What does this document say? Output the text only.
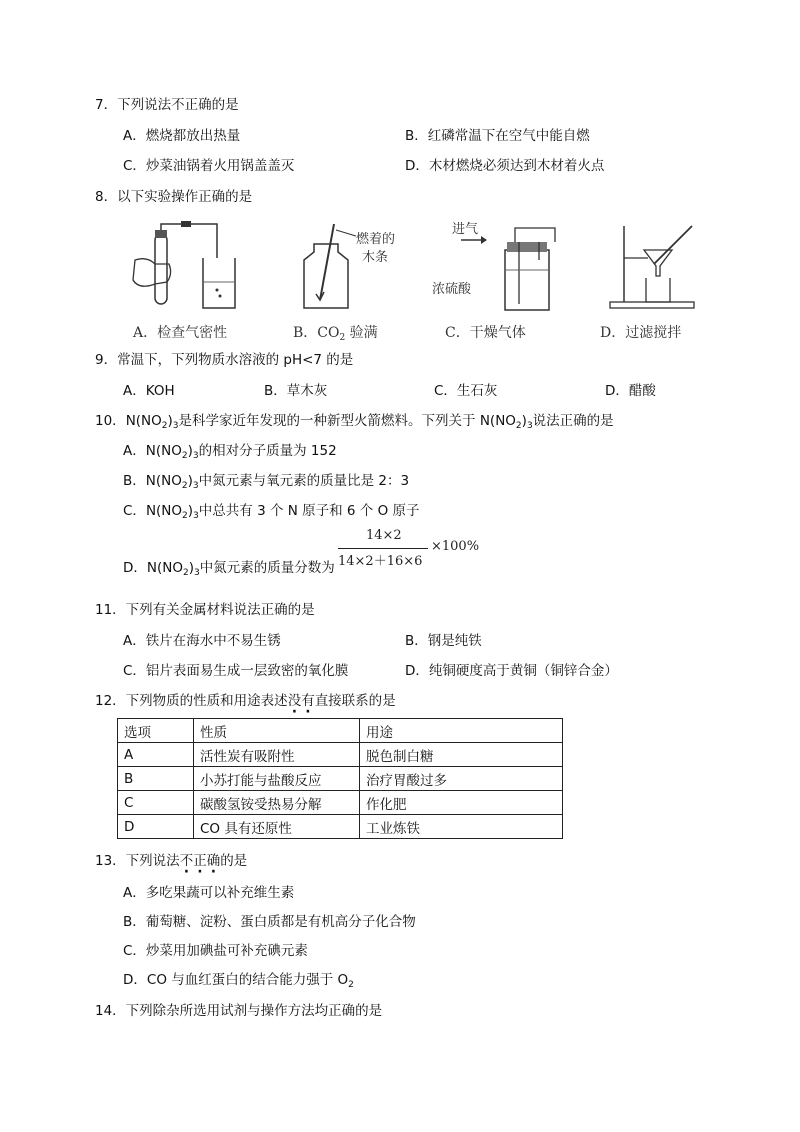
7．下列说法不正确的是
A．燃烧都放出热量	B．红磷常温下在空气中能自燃
C．炒菜油锅着火用锅盖盖灭	D．木材燃烧必须达到木材着火点
8．以下实验操作正确的是
燃着的
木条
进气
浓硫酸
A．检查气密性	B．$CO_2$ 验满	C．干燥气体	D．过滤搅拌
9．常温下，下列物质水溶液的 pH<7 的是
A．KOH	B．草木灰	C．生石灰	D．醋酸
10．$N(NO_2)_3$是科学家近年发现的一种新型火箭燃料。下列关于 $N(NO_2)_3$说法正确的是
A．$N(NO_2)_3$的相对分子质量为 152
B．$N(NO_2)_3$中氮元素与氧元素的质量比是 2：3
C．$N(NO_2)_3$中总共有 3 个 N 原子和 6 个 O 原子
D．$N(NO_2)_3$中氮元素的质量分数为
14×2
14×2＋16×6
×100%
11．下列有关金属材料说法正确的是
A．铁片在海水中不易生锈	B．钢是纯铁
C．铝片表面易生成一层致密的氧化膜	D．纯铜硬度高于黄铜（铜锌合金）
12．下列物质的性质和用途表述没有直接联系的是
选项	性质	用途
A	活性炭有吸附性	脱色制白糖
B	小苏打能与盐酸反应	治疗胃酸过多
C	碳酸氢铵受热易分解	作化肥
D	CO 具有还原性	工业炼铁
13．下列说法不正确的是
A．多吃果蔬可以补充维生素
B．葡萄糖、淀粉、蛋白质都是有机高分子化合物
C．炒菜用加碘盐可补充碘元素
D．CO 与血红蛋白的结合能力强于 $O_2$
14．下列除杂所选用试剂与操作方法均正确的是
